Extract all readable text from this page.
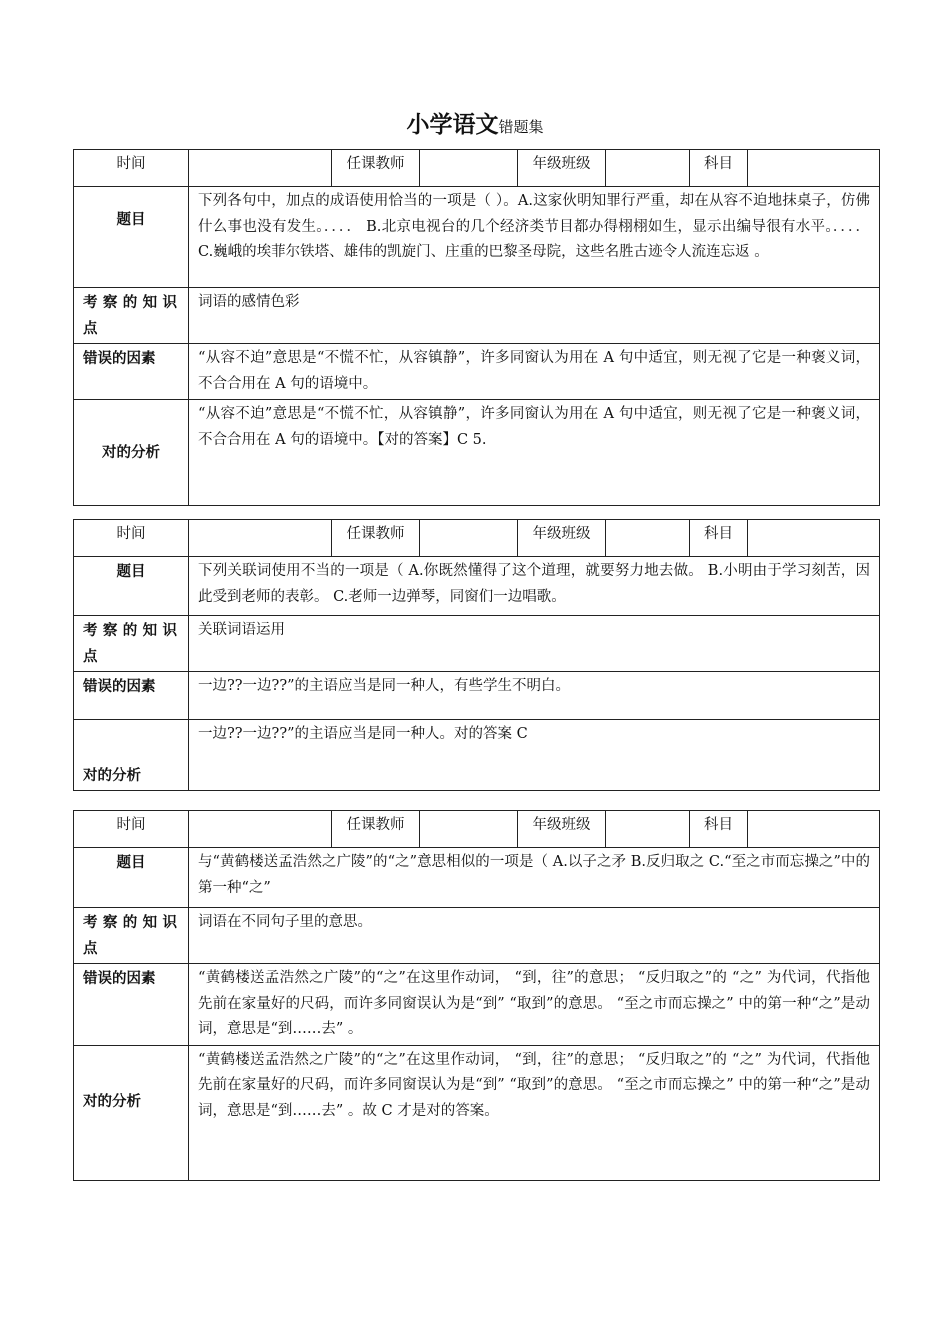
小学语文错题集
时间		任课教师		年级班级		科目	
题目	下列各句中，加点的成语使用恰当的一项是（ ）。A.这家伙明知罪行严重，却在从容不迫地抹桌子，仿佛什么事也没有发生。．．．． B.北京电视台的几个经济类节目都办得栩栩如生，显示出编导很有水平。．．．． C.巍峨的埃菲尔铁塔、雄伟的凯旋门、庄重的巴黎圣母院，这些名胜古迹令人流连忘返 。						
考察的知识点	词语的感情色彩						
错误的因素	“从容不迫”意思是“不慌不忙，从容镇静”，许多同窗认为用在 A 句中适宜，则无视了它是一种褒义词，不合合用在 A 句的语境中。						
对的分析	“从容不迫”意思是“不慌不忙，从容镇静”，许多同窗认为用在 A 句中适宜，则无视了它是一种褒义词，不合合用在 A 句的语境中。【对的答案】C 5.						
时间		任课教师		年级班级		科目	
题目	下列关联词使用不当的一项是（ A.你既然懂得了这个道理，就要努力地去做。 B.小明由于学习刻苦，因此受到老师的表彰。 C.老师一边弹琴，同窗们一边唱歌。						
考察的知识点	关联词语运用						
错误的因素	一边??一边??”的主语应当是同一种人，有些学生不明白。						
对的分析	一边??一边??”的主语应当是同一种人。对的答案 C						
时间		任课教师		年级班级		科目	
题目	与“黄鹤楼送孟浩然之广陵”的“之”意思相似的一项是（ A.以子之矛 B.反归取之 C.“至之市而忘操之”中的第一种“之”						
考察的知识点	词语在不同句子里的意思。						
错误的因素	“黄鹤楼送孟浩然之广陵”的“之”在这里作动词， “到，往”的意思； “反归取之”的 “之” 为代词，代指他先前在家量好的尺码，而许多同窗误认为是“到” “取到”的意思。 “至之市而忘操之” 中的第一种“之”是动词，意思是“到……去” 。						
对的分析	“黄鹤楼送孟浩然之广陵”的“之”在这里作动词， “到，往”的意思； “反归取之”的 “之” 为代词，代指他先前在家量好的尺码，而许多同窗误认为是“到” “取到”的意思。 “至之市而忘操之” 中的第一种“之”是动词，意思是“到……去” 。故 C 才是对的答案。						
